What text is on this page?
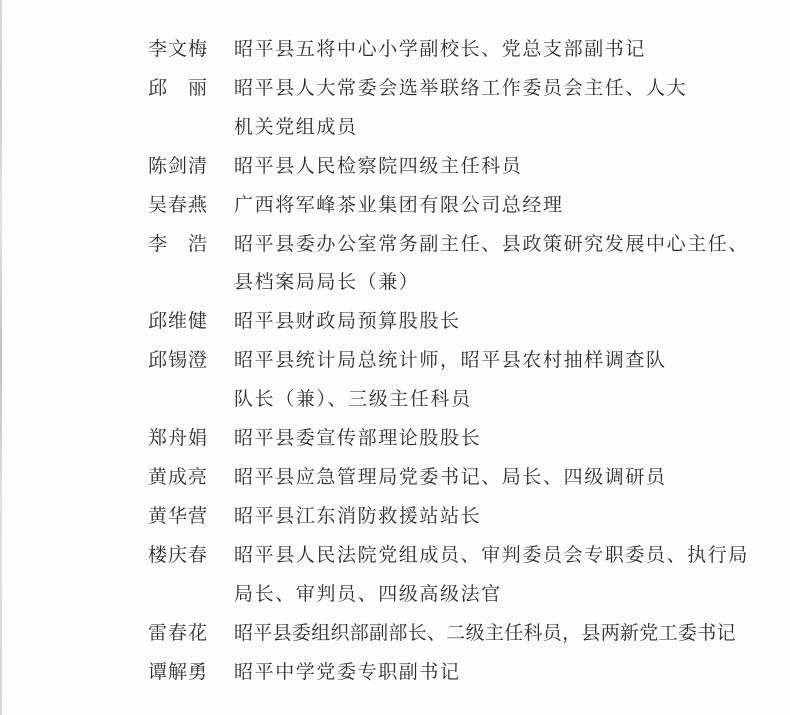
李文梅	昭平县五将中心小学副校长、党总支部副书记
邱　丽	昭平县人大常委会选举联络工作委员会主任、人大
机关党组成员
陈剑清	昭平县人民检察院四级主任科员
吴春燕	广西将军峰茶业集团有限公司总经理
李　浩	昭平县委办公室常务副主任、县政策研究发展中心主任、
县档案局局长（兼）
邱维健	昭平县财政局预算股股长
邱锡澄	昭平县统计局总统计师，昭平县农村抽样调查队
队长（兼）、三级主任科员
郑舟娟	昭平县委宣传部理论股股长
黄成亮	昭平县应急管理局党委书记、局长、四级调研员
黄华营	昭平县江东消防救援站站长
楼庆春	昭平县人民法院党组成员、审判委员会专职委员、执行局
局长、审判员、四级高级法官
雷春花	昭平县委组织部副部长、二级主任科员，县两新党工委书记
谭解勇	昭平中学党委专职副书记
